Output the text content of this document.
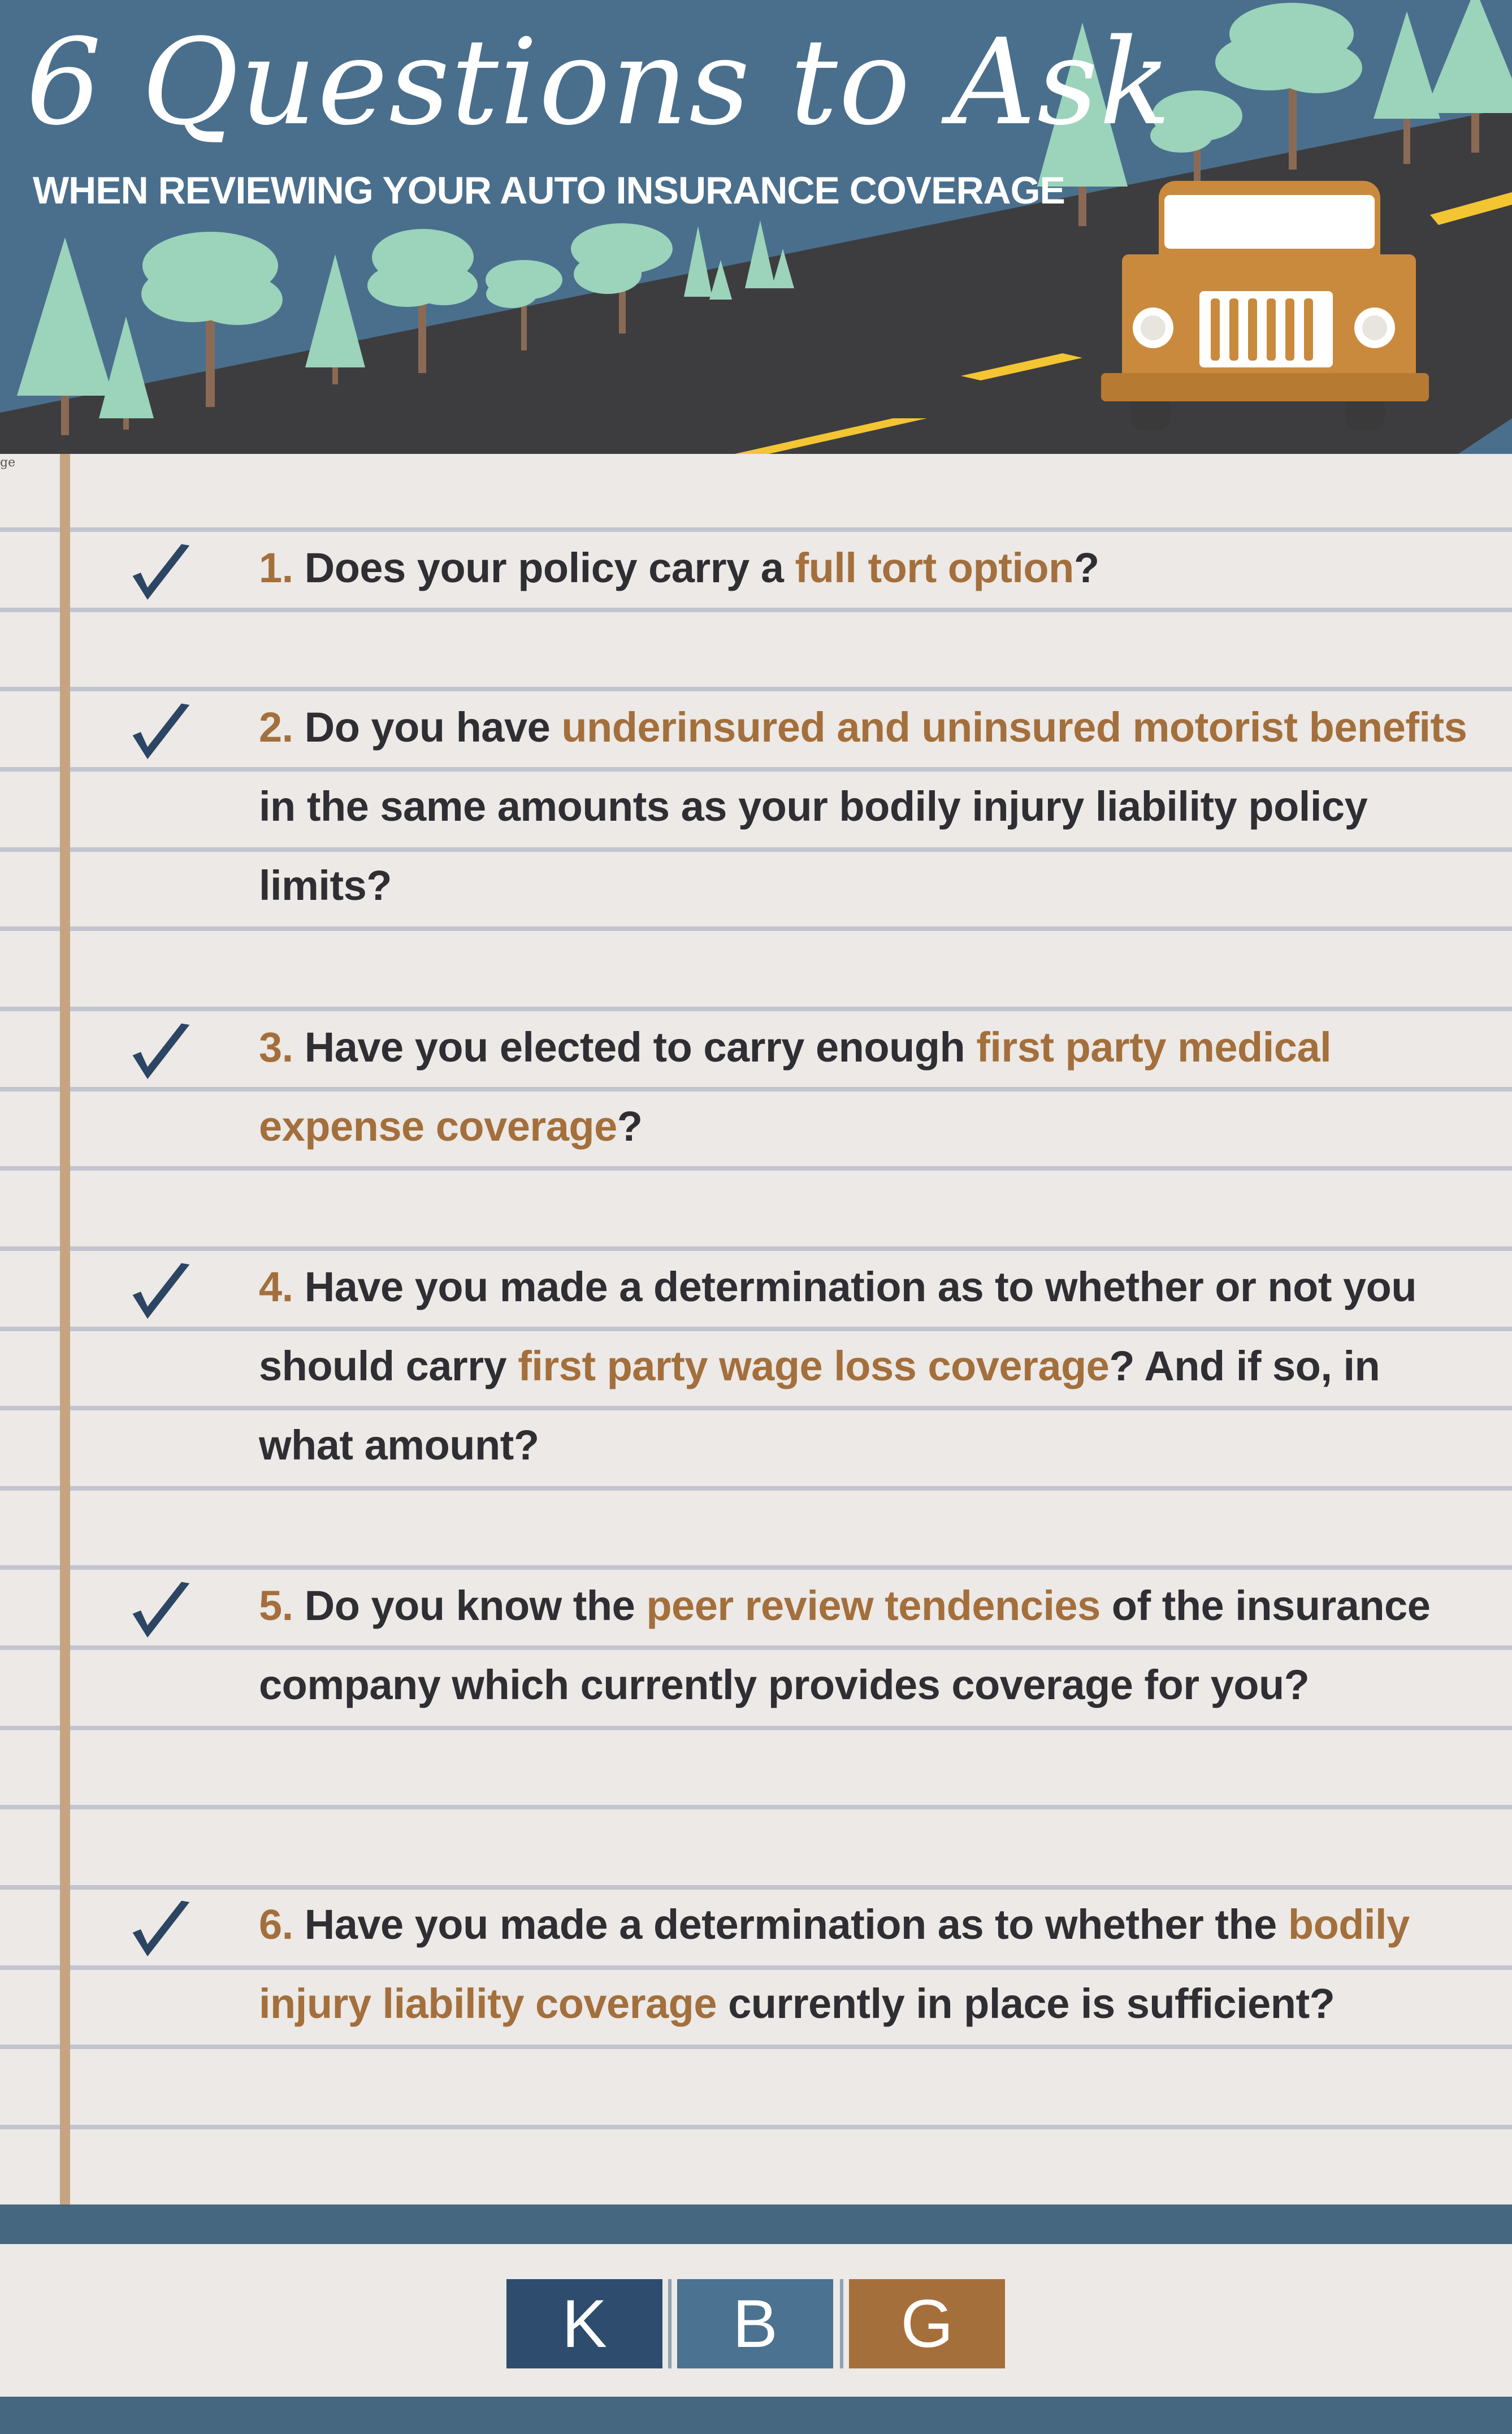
6 Questions to Ask
WHEN REVIEWING YOUR AUTO INSURANCE COVERAGE
ge
1. Does your policy carry a full tort option?
2. Do you have underinsured and uninsured motorist benefits in the same amounts as your bodily injury liability policy limits?
3. Have you elected to carry enough first party medical expense coverage?
4. Have you made a determination as to whether or not you should carry first party wage loss coverage? And if so, in what amount?
5. Do you know the peer review tendencies of the insurance company which currently provides coverage for you?
6. Have you made a determination as to whether the bodily injury liability coverage currently in place is sufficient?
K	B	G
